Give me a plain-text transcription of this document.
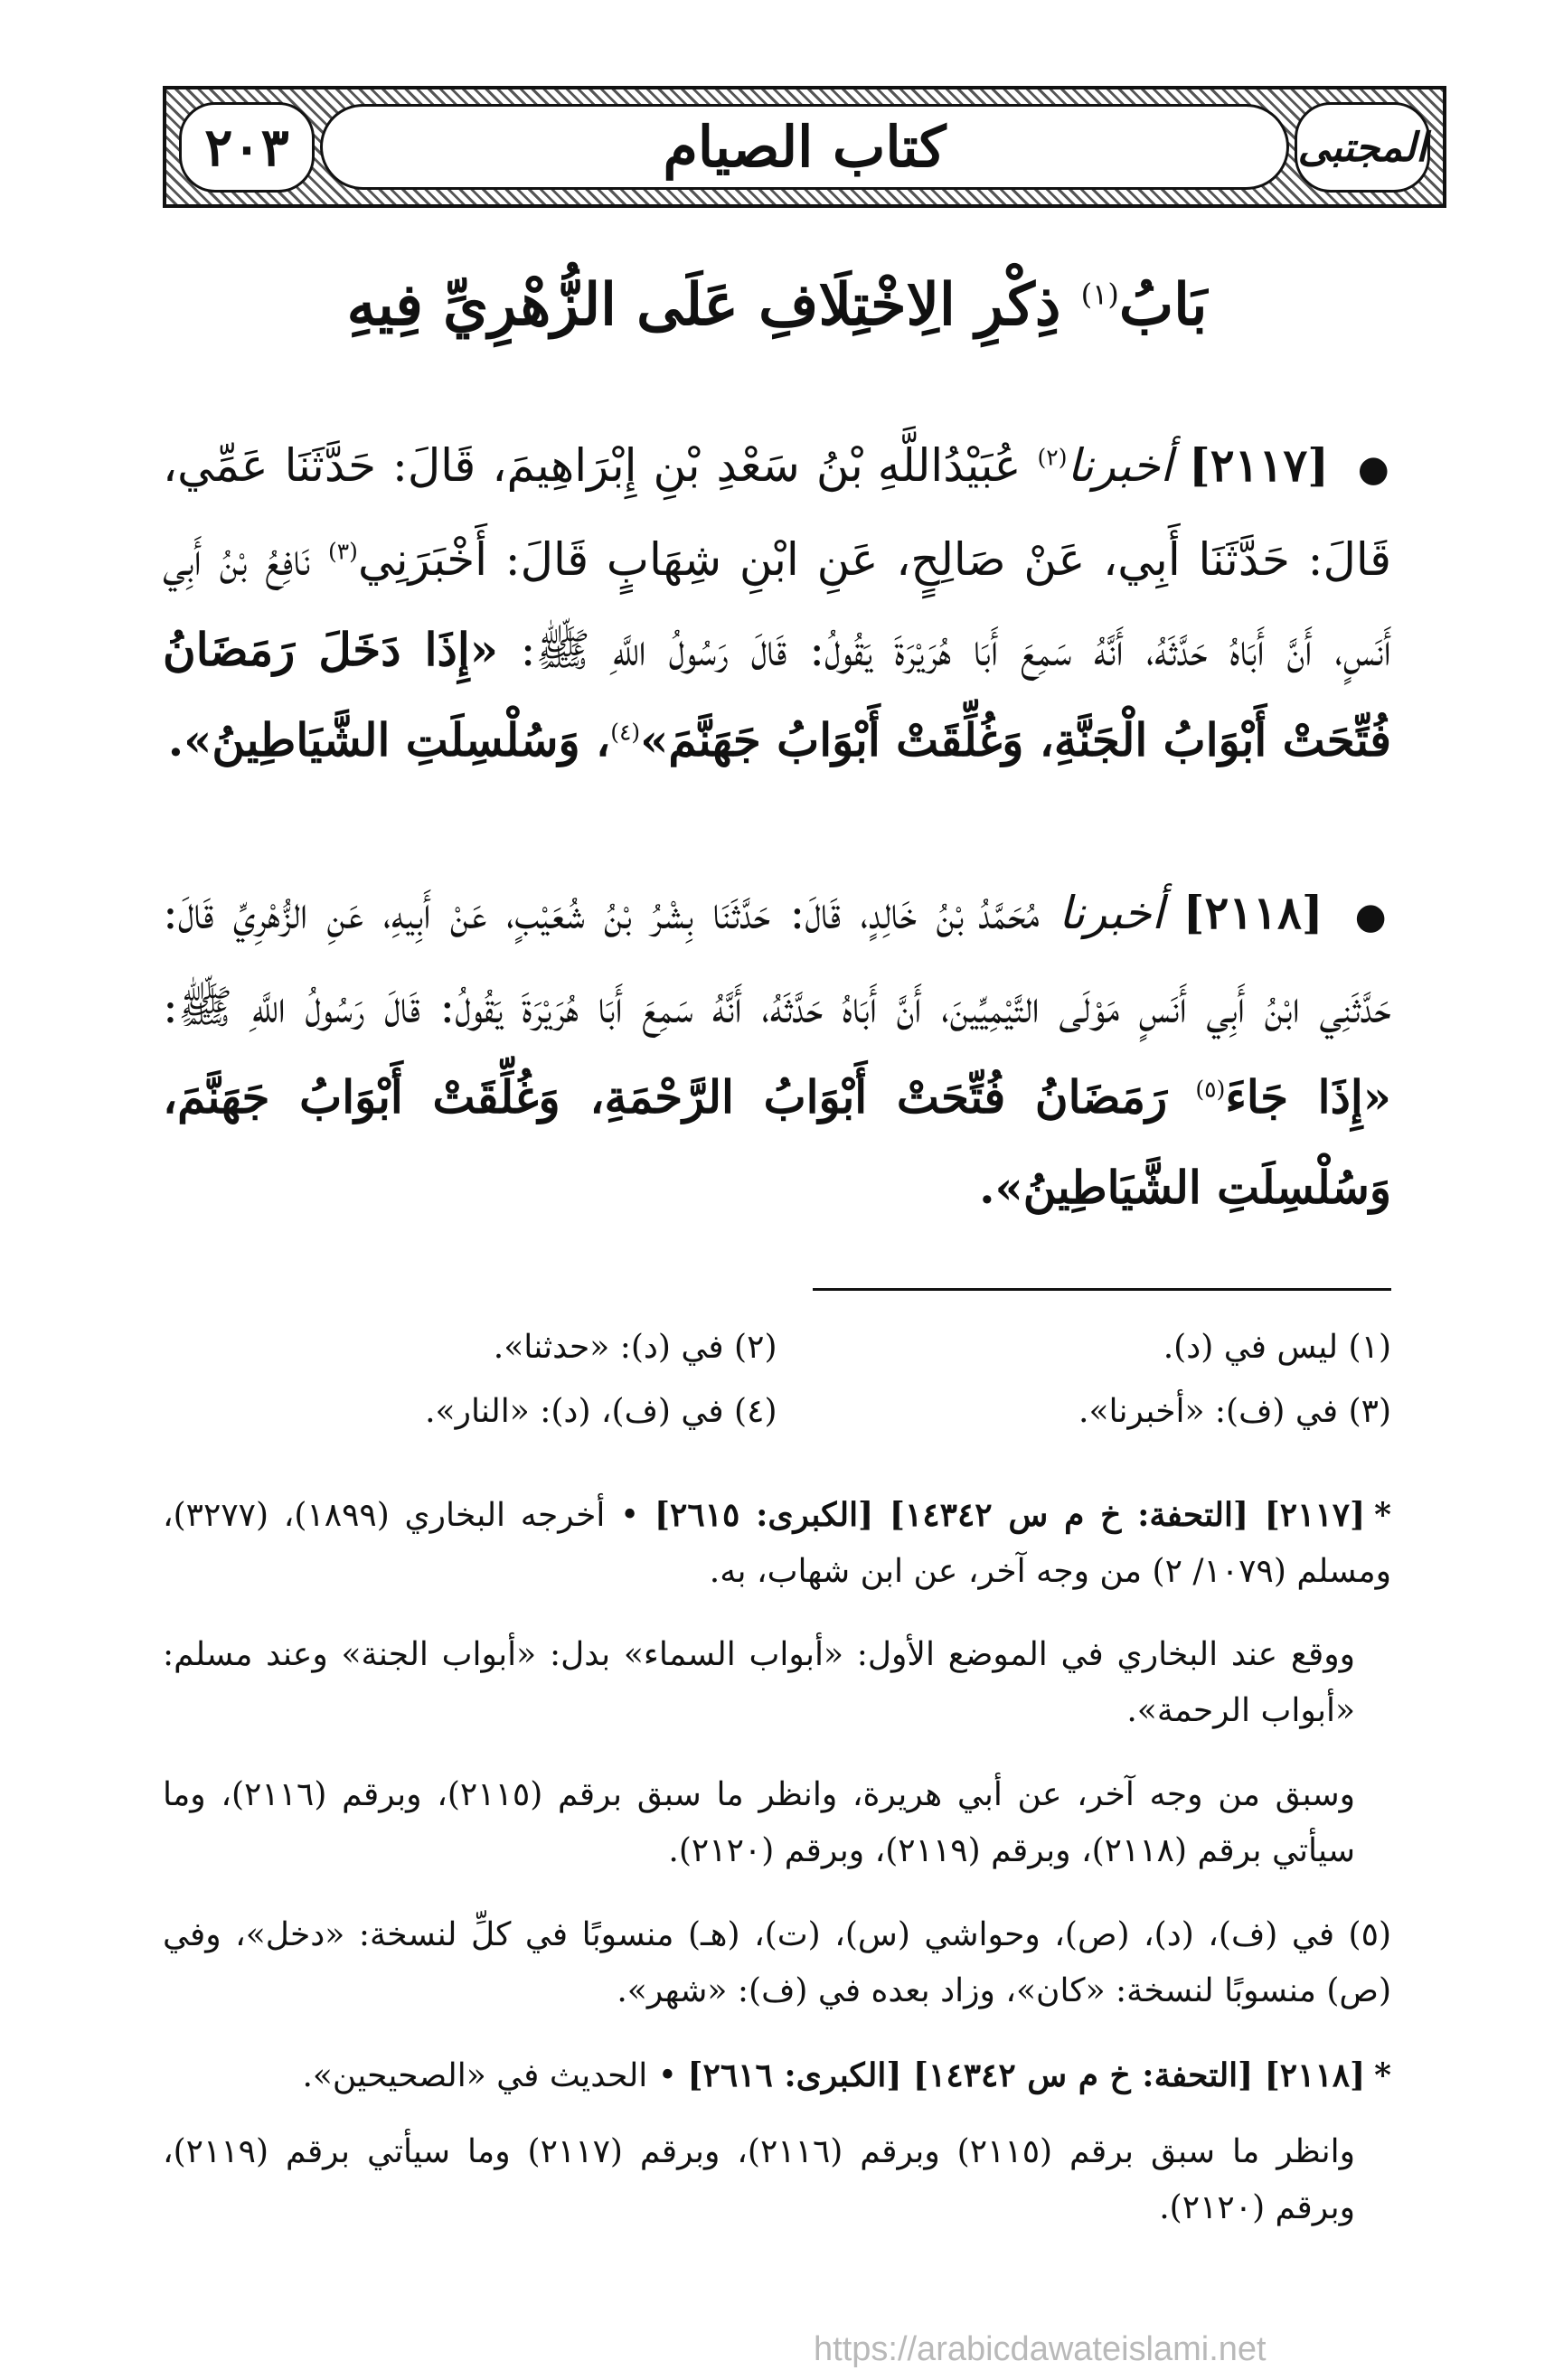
٢٠٣	كتاب الصيام	المجتبى
بَابُ$^{(١)}$ ذِكْرِ الِاخْتِلَافِ عَلَى الزُّهْرِيِّ فِيهِ
● [٢١١٧] أخبرنا$^{(٢)}$ عُبَيْدُاللَّهِ بْنُ سَعْدِ بْنِ إِبْرَاهِيمَ، قَالَ: حَدَّثَنَا عَمِّي، قَالَ: حَدَّثَنَا أَبِي، عَنْ صَالِحٍ، عَنِ ابْنِ شِهَابٍ قَالَ: أَخْبَرَنِي$^{(٣)}$ نَافِعُ بْنُ أَبِي أَنَسٍ، أَنَّ أَبَاهُ حَدَّثَهُ، أَنَّهُ سَمِعَ أَبَا هُرَيْرَةَ يَقُولُ: قَالَ رَسُولُ اللَّهِ ﷺ: «إِذَا دَخَلَ رَمَضَانُ فُتِّحَتْ أَبْوَابُ الْجَنَّةِ، وَغُلِّقَتْ أَبْوَابُ جَهَنَّمَ»$^{(٤)}$، وَسُلْسِلَتِ الشَّيَاطِينُ».
● [٢١١٨] أخبرنا مُحَمَّدُ بْنُ خَالِدٍ، قَالَ: حَدَّثَنَا بِشْرُ بْنُ شُعَيْبٍ، عَنْ أَبِيهِ، عَنِ الزُّهْرِيِّ قَالَ: حَدَّثَنِي ابْنُ أَبِي أَنَسٍ مَوْلَى التَّيْمِيِّينَ، أَنَّ أَبَاهُ حَدَّثَهُ، أَنَّهُ سَمِعَ أَبَا هُرَيْرَةَ يَقُولُ: قَالَ رَسُولُ اللَّهِ ﷺ: «إِذَا جَاءَ$^{(٥)}$ رَمَضَانُ فُتِّحَتْ أَبْوَابُ الرَّحْمَةِ، وَغُلِّقَتْ أَبْوَابُ جَهَنَّمَ، وَسُلْسِلَتِ الشَّيَاطِينُ».
(١) ليس في (د).
(٢) في (د): «حدثنا».
(٣) في (ف): «أخبرنا».
(٤) في (ف)، (د): «النار».
*[٢١١٧] [التحفة: خ م س ١٤٣٤٢] [الكبرى: ٢٦١٥] • أخرجه البخاري (١٨٩٩)، (٣٢٧٧)، ومسلم (١٠٧٩/ ٢) من وجه آخر، عن ابن شهاب، به.
ووقع عند البخاري في الموضع الأول: «أبواب السماء» بدل: «أبواب الجنة» وعند مسلم: «أبواب الرحمة».
وسبق من وجه آخر، عن أبي هريرة، وانظر ما سبق برقم (٢١١٥)، وبرقم (٢١١٦)، وما سيأتي برقم (٢١١٨)، وبرقم (٢١١٩)، وبرقم (٢١٢٠).
(٥) في (ف)، (د)، (ص)، وحواشي (س)، (ت)، (هـ) منسوبًا في كلِّ لنسخة: «دخل»، وفي (ص) منسوبًا لنسخة: «كان»، وزاد بعده في (ف): «شهر».
*[٢١١٨] [التحفة: خ م س ١٤٣٤٢] [الكبرى: ٢٦١٦] • الحديث في «الصحيحين».
وانظر ما سبق برقم (٢١١٥) وبرقم (٢١١٦)، وبرقم (٢١١٧) وما سيأتي برقم (٢١١٩)، وبرقم (٢١٢٠).
https://arabicdawateislami.net
